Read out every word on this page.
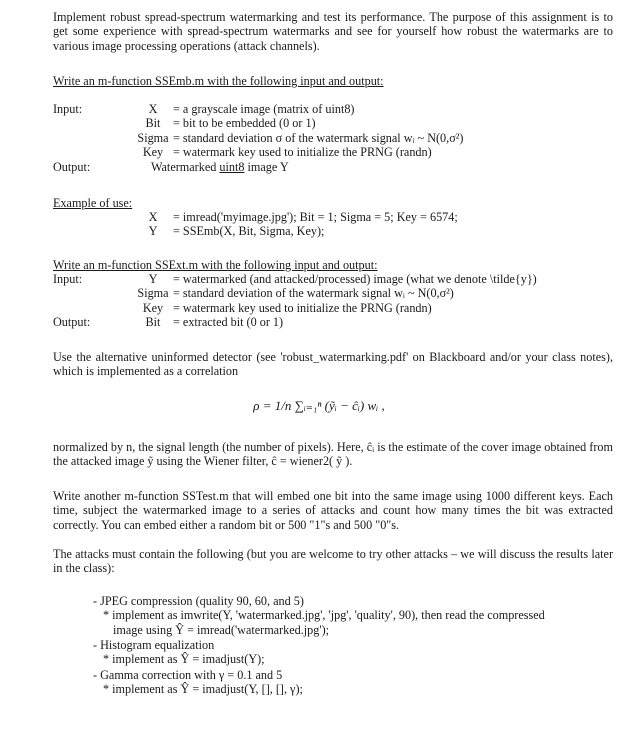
Implement robust spread-spectrum watermarking and test its performance. The purpose of this assignment is to get some experience with spread-spectrum watermarks and see for yourself how robust the watermarks are to various image processing operations (attack channels).
Write an m-function SSEmb.m with the following input and output:
Input:	X	= a grayscale image (matrix of uint8)
	Bit	= bit to be embedded (0 or 1)
	Sigma	= standard deviation σ of the watermark signal wᵢ ~ N(0,σ²)
	Key	= watermark key used to initialize the PRNG (randn)
Output:	Watermarked uint8 image Y	
Example of use:
	X	= imread('myimage.jpg'); Bit = 1; Sigma = 5; Key = 6574;
	Y	= SSEmb(X, Bit, Sigma, Key);
Write an m-function SSExt.m with the following input and output:
Input:	Y	= watermarked (and attacked/processed) image (what we denote \tilde{y})
	Sigma	= standard deviation of the watermark signal wᵢ ~ N(0,σ²)
	Key	= watermark key used to initialize the PRNG (randn)
Output:	Bit	= extracted bit (0 or 1)
Use the alternative uninformed detector (see 'robust_watermarking.pdf' on Blackboard and/or your class notes), which is implemented as a correlation
ρ = 1/n ∑ᵢ₌₁ⁿ (ỹᵢ − ĉᵢ) wᵢ ,
normalized by n, the signal length (the number of pixels). Here, ĉᵢ is the estimate of the cover image obtained from the attacked image ỹ using the Wiener filter, ĉ = wiener2( ỹ ).
Write another m-function SSTest.m that will embed one bit into the same image using 1000 different keys. Each time, subject the watermarked image to a series of attacks and count how many times the bit was extracted correctly. You can embed either a random bit or 500 "1"s and 500 "0"s.
The attacks must contain the following (but you are welcome to try other attacks – we will discuss the results later in the class):
- JPEG compression (quality 90, 60, and 5)
* implement as imwrite(Y, 'watermarked.jpg', 'jpg', 'quality', 90), then read the compressed
image using Ŷ = imread('watermarked.jpg');
- Histogram equalization
* implement as Ŷ = imadjust(Y);
- Gamma correction with γ = 0.1 and 5
* implement as Ŷ = imadjust(Y, [], [], γ);
